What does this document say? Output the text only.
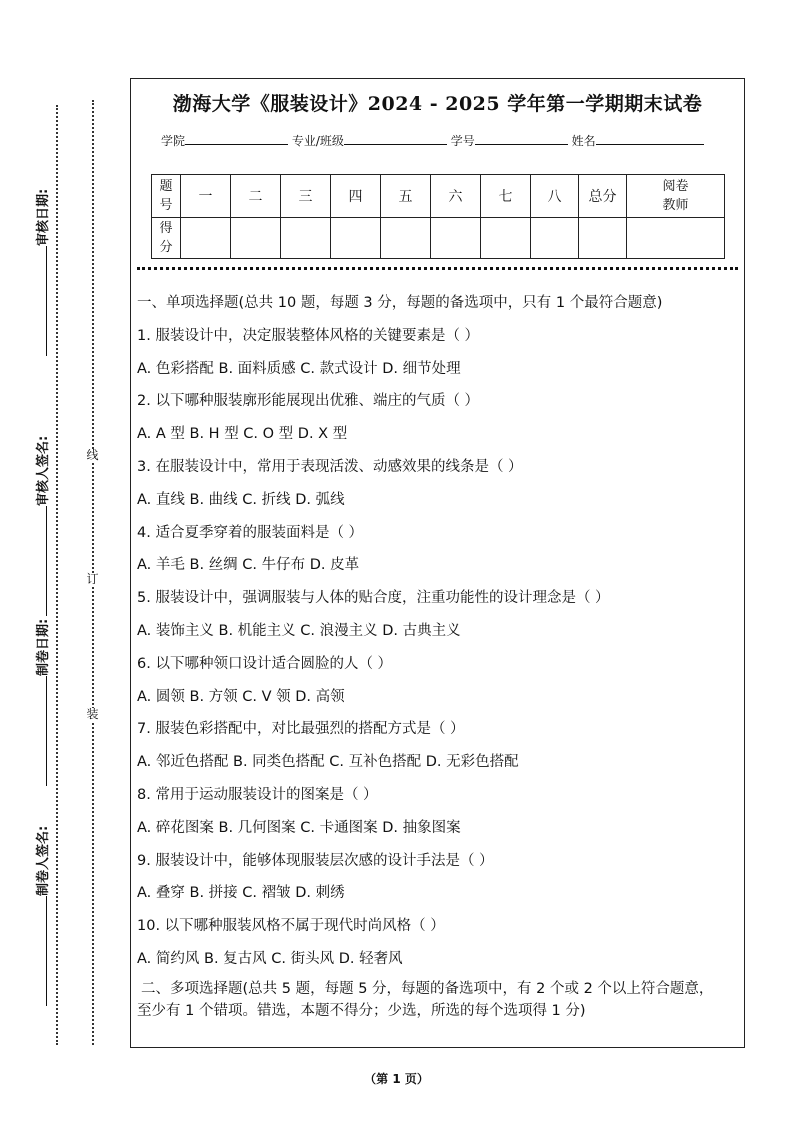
审核日期:
审核人签名:
制卷日期:
制卷人签名:
线
订
装
渤海大学《服装设计》2024 - 2025 学年第一学期期末试卷
学院	专业/班级	学号	姓名
题
号	一	二	三	四	五	六	七	八	总分	阅卷
教师
得
分										
一、单项选择题(总共 10 题，每题 3 分，每题的备选项中，只有 1 个最符合题意)
1. 服装设计中，决定服装整体风格的关键要素是（ ）
A. 色彩搭配 B. 面料质感 C. 款式设计 D. 细节处理
2. 以下哪种服装廓形能展现出优雅、端庄的气质（ ）
A. A 型 B. H 型 C. O 型 D. X 型
3. 在服装设计中，常用于表现活泼、动感效果的线条是（ ）
A. 直线 B. 曲线 C. 折线 D. 弧线
4. 适合夏季穿着的服装面料是（ ）
A. 羊毛 B. 丝绸 C. 牛仔布 D. 皮革
5. 服装设计中，强调服装与人体的贴合度，注重功能性的设计理念是（ ）
A. 装饰主义 B. 机能主义 C. 浪漫主义 D. 古典主义
6. 以下哪种领口设计适合圆脸的人（ ）
A. 圆领 B. 方领 C. V 领 D. 高领
7. 服装色彩搭配中，对比最强烈的搭配方式是（ ）
A. 邻近色搭配 B. 同类色搭配 C. 互补色搭配 D. 无彩色搭配
8. 常用于运动服装设计的图案是（ ）
A. 碎花图案 B. 几何图案 C. 卡通图案 D. 抽象图案
9. 服装设计中，能够体现服装层次感的设计手法是（ ）
A. 叠穿 B. 拼接 C. 褶皱 D. 刺绣
10. 以下哪种服装风格不属于现代时尚风格（ ）
A. 简约风 B. 复古风 C. 街头风 D. 轻奢风

二、多项选择题(总共 5 题，每题 5 分，每题的备选项中，有 2 个或 2 个以上符合题意，

至少有 1 个错项。错选，本题不得分；少选，所选的每个选项得 1 分)

（第 1 页）
